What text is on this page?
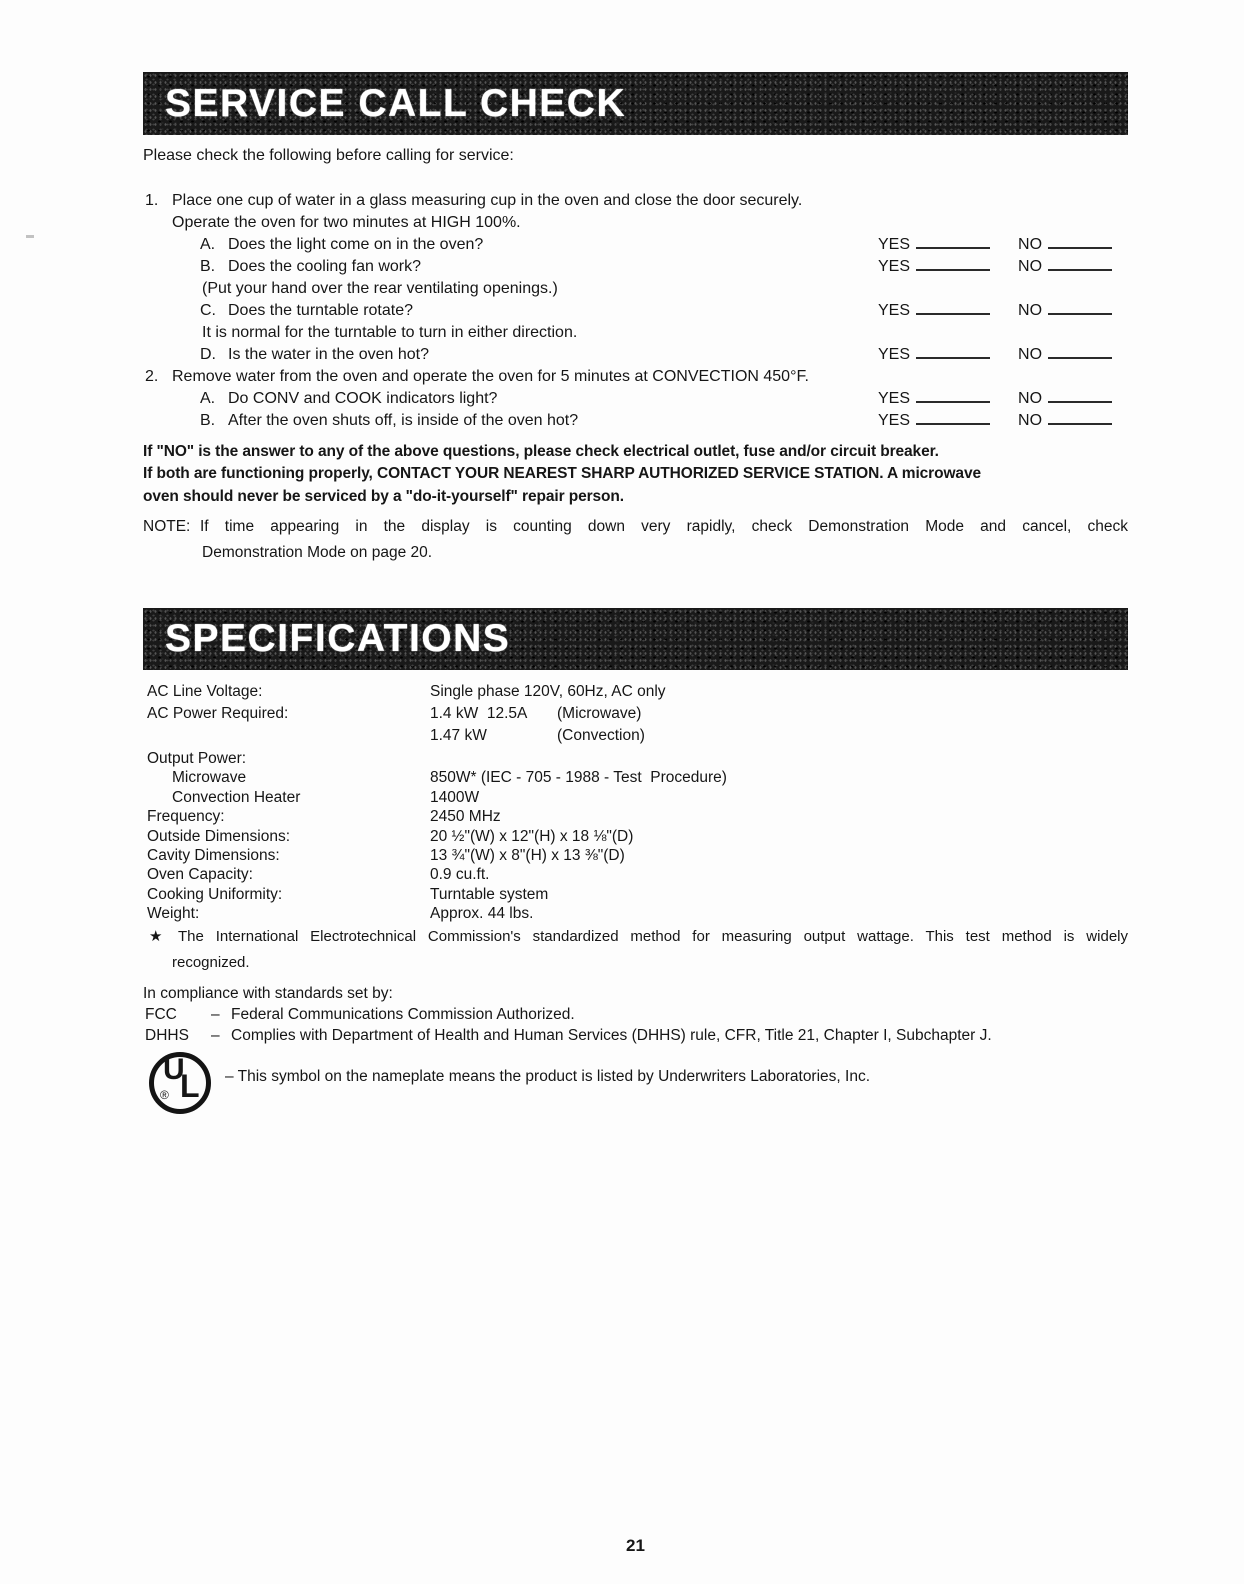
SERVICE CALL CHECK
Please check the following before calling for service:
1. Place one cup of water in a glass measuring cup in the oven and close the door securely.
Operate the oven for two minutes at HIGH 100%.
A. Does the light come on in the oven?	YES	NO
B. Does the cooling fan work?	YES	NO
(Put your hand over the rear ventilating openings.)
C. Does the turntable rotate?	YES	NO
It is normal for the turntable to turn in either direction.
D. Is the water in the oven hot?	YES	NO
2. Remove water from the oven and operate the oven for 5 minutes at CONVECTION 450°F.
A. Do CONV and COOK indicators light?	YES	NO
B. After the oven shuts off, is inside of the oven hot?	YES	NO
If "NO" is the answer to any of the above questions, please check electrical outlet, fuse and/or circuit breaker.
If both are functioning properly, CONTACT YOUR NEAREST SHARP AUTHORIZED SERVICE STATION. A microwave
oven should never be serviced by a "do-it-yourself" repair person.
NOTE: If time appearing in the display is counting down very rapidly, check Demonstration Mode and cancel, check
Demonstration Mode on page 20.
SPECIFICATIONS
AC Line Voltage:	Single phase 120V, 60Hz, AC only
AC Power Required:	1.4 kW  12.5A (Microwave)
1.47 kW	(Convection)
Output Power:
Microwave	850W* (IEC - 705 - 1988 - Test  Procedure)
Convection Heater	1400W
Frequency:	2450 MHz
Outside Dimensions:	20 ½"(W) x 12"(H) x 18 ⅛"(D)
Cavity Dimensions:	13 ¾"(W) x 8"(H) x 13 ⅜"(D)
Oven Capacity:	0.9 cu.ft.
Cooking Uniformity:	Turntable system
Weight:	Approx. 44 lbs.
★	The International Electrotechnical Commission's standardized method for measuring output wattage. This test method is widely
recognized.
In compliance with standards set by:
FCC – Federal Communications Commission Authorized.
DHHS – Complies with Department of Health and Human Services (DHHS) rule, CFR, Title 21, Chapter I, Subchapter J.
U
L
®
– This symbol on the nameplate means the product is listed by Underwriters Laboratories, Inc.
21
